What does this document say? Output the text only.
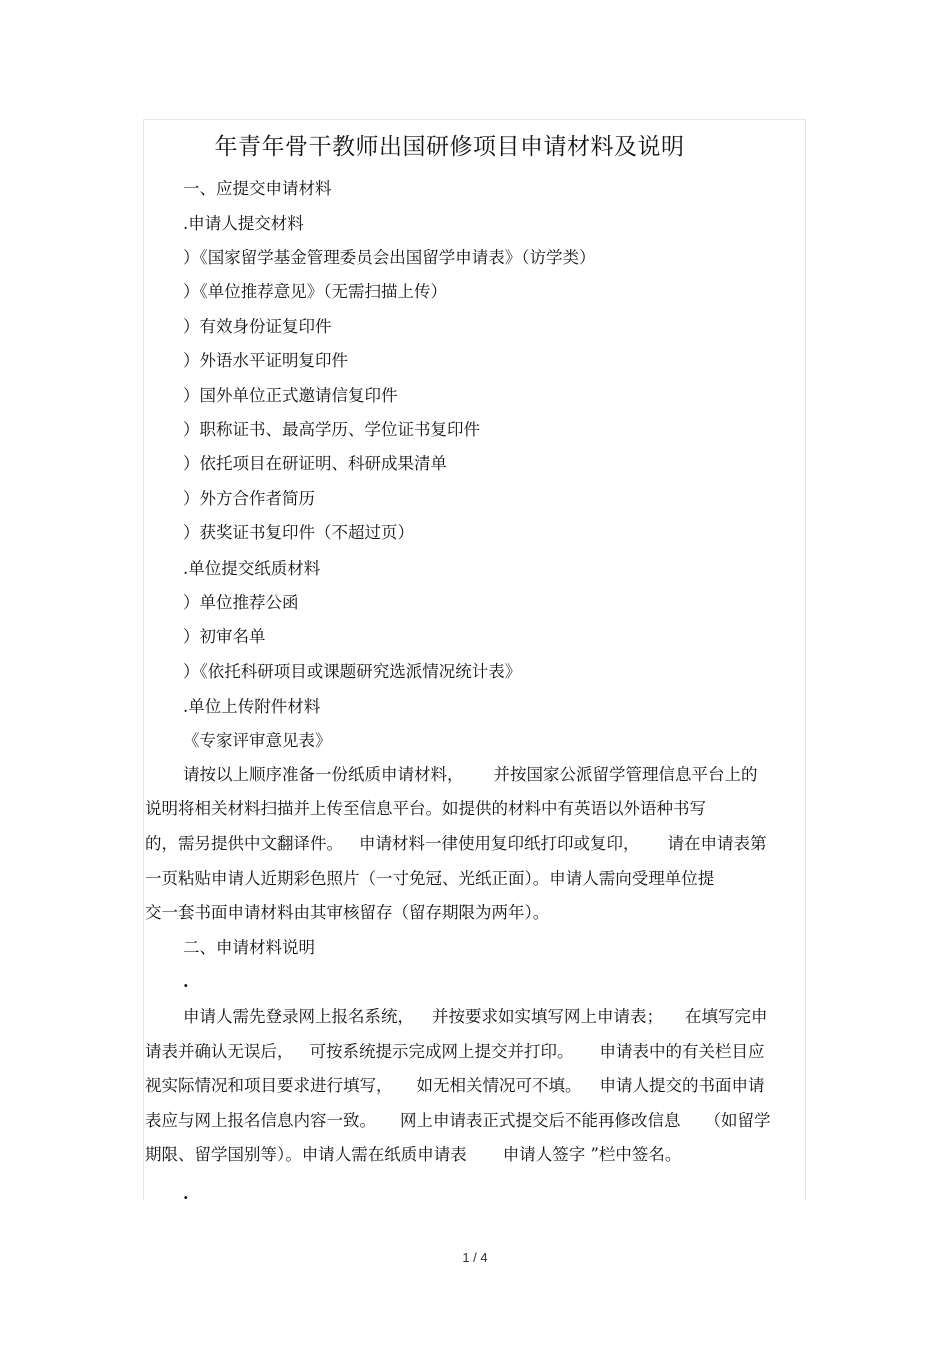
年青年骨干教师出国研修项目申请材料及说明
一、应提交申请材料
.申请人提交材料
）《国家留学基金管理委员会出国留学申请表》（访学类）
）《单位推荐意见》（无需扫描上传）
）有效身份证复印件
）外语水平证明复印件
）国外单位正式邀请信复印件
）职称证书、最高学历、学位证书复印件
）依托项目在研证明、科研成果清单
）外方合作者简历
）获奖证书复印件（不超过页）
.单位提交纸质材料
）单位推荐公函
）初审名单
）《依托科研项目或课题研究选派情况统计表》
.单位上传附件材料
《专家评审意见表》
请按以上顺序准备一份纸质申请材料， 并按国家公派留学管理信息平台上的
说明将相关材料扫描并上传至信息平台。如提供的材料中有英语以外语种书写
的，需另提供中文翻译件。 申请材料一律使用复印纸打印或复印， 请在申请表第
一页粘贴申请人近期彩色照片（一寸免冠、光纸正面）。申请人需向受理单位提
交一套书面申请材料由其审核留存（留存期限为两年）。
二、申请材料说明
.
申请人需先登录网上报名系统， 并按要求如实填写网上申请表； 在填写完申
请表并确认无误后， 可按系统提示完成网上提交并打印。 申请表中的有关栏目应
视实际情况和项目要求进行填写， 如无相关情况可不填。 申请人提交的书面申请
表应与网上报名信息内容一致。 网上申请表正式提交后不能再修改信息 （如留学
期限、留学国别等）。申请人需在纸质申请表 申请人签字 ”栏中签名。
.
1 / 4
